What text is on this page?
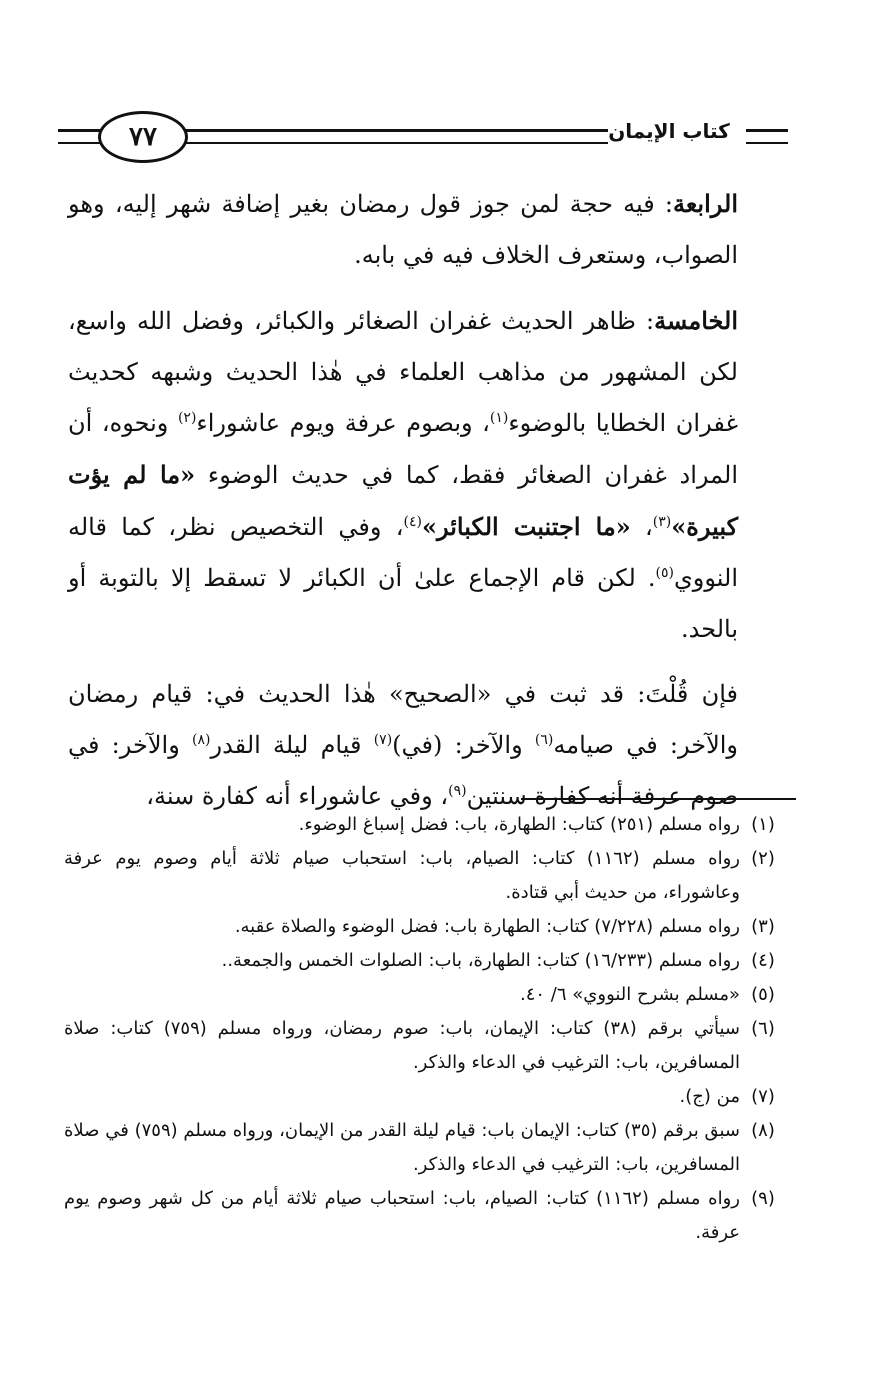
٧٧	كتاب الإيمان

الرابعة: فيه حجة لمن جوز قول رمضان بغير إضافة شهر إليه، وهو الصواب، وستعرف الخلاف فيه في بابه.

الخامسة: ظاهر الحديث غفران الصغائر والكبائر، وفضل الله واسع، لكن المشهور من مذاهب العلماء في هٰذا الحديث وشبهه كحديث غفران الخطايا بالوضوء$^{(١)}$، وبصوم عرفة ويوم عاشوراء$^{(٢)}$ ونحوه، أن المراد غفران الصغائر فقط، كما في حديث الوضوء «ما لم يؤت كبيرة»$^{(٣)}$، «ما اجتنبت الكبائر»$^{(٤)}$، وفي التخصيص نظر، كما قاله النووي$^{(٥)}$. لكن قام الإجماع علىٰ أن الكبائر لا تسقط إلا بالتوبة أو بالحد.

فإن قُلْتَ: قد ثبت في «الصحيح» هٰذا الحديث في: قيام رمضان والآخر: في صيامه$^{(٦)}$ والآخر: (في)$^{(٧)}$ قيام ليلة القدر$^{(٨)}$ والآخر: في صوم عرفة أنه كفارة سنتين$^{(٩)}$، وفي عاشوراء أنه كفارة سنة،

(١)
رواه مسلم (٢٥١) كتاب: الطهارة، باب: فضل إسباغ الوضوء.
(٢)
رواه مسلم (١١٦٢) كتاب: الصيام، باب: استحباب صيام ثلاثة أيام وصوم يوم عرفة وعاشوراء، من حديث أبي قتادة.
(٣)
رواه مسلم (٧/٢٢٨) كتاب: الطهارة باب: فضل الوضوء والصلاة عقبه.
(٤)
رواه مسلم (١٦/٢٣٣) كتاب: الطهارة، باب: الصلوات الخمس والجمعة..
(٥)
«مسلم بشرح النووي» ٦/ ٤٠.
(٦)
سيأتي برقم (٣٨) كتاب: الإيمان، باب: صوم رمضان، ورواه مسلم (٧٥٩) كتاب: صلاة المسافرين، باب: الترغيب في الدعاء والذكر.
(٧)
من (ج).
(٨)
سبق برقم (٣٥) كتاب: الإيمان باب: قيام ليلة القدر من الإيمان، ورواه مسلم (٧٥٩) في صلاة المسافرين، باب: الترغيب في الدعاء والذكر.
(٩)
رواه مسلم (١١٦٢) كتاب: الصيام، باب: استحباب صيام ثلاثة أيام من كل شهر وصوم يوم عرفة.
